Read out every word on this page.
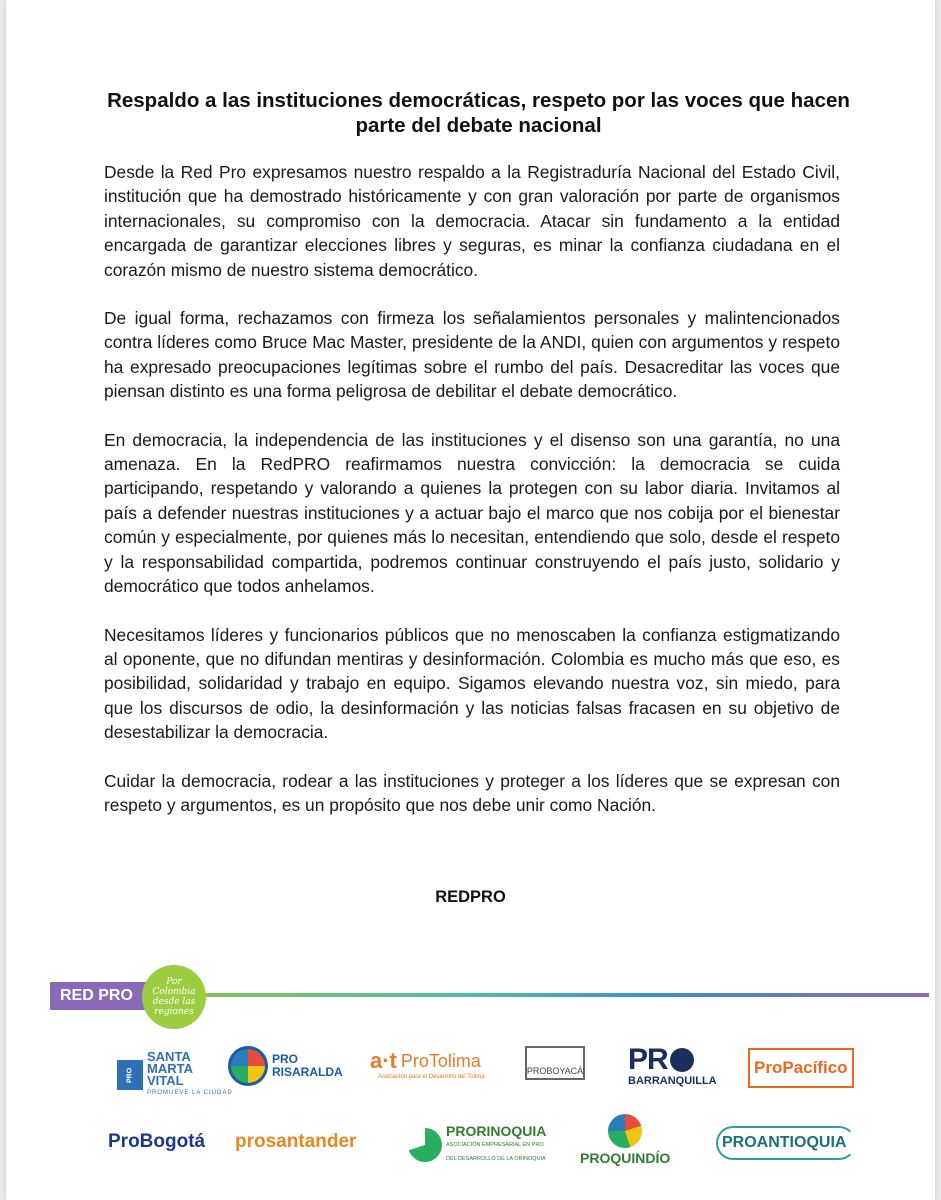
Respaldo a las instituciones democráticas, respeto por las voces que hacen parte del debate nacional

Desde la Red Pro expresamos nuestro respaldo a la Registraduría Nacional del Estado Civil, institución que ha demostrado históricamente y con gran valoración por parte de organismos internacionales, su compromiso con la democracia. Atacar sin fundamento a la entidad encargada de garantizar elecciones libres y seguras, es minar la confianza ciudadana en el corazón mismo de nuestro sistema democrático.

De igual forma, rechazamos con firmeza los señalamientos personales y malintencionados contra líderes como Bruce Mac Master, presidente de la ANDI, quien con argumentos y respeto ha expresado preocupaciones legítimas sobre el rumbo del país. Desacreditar las voces que piensan distinto es una forma peligrosa de debilitar el debate democrático.

En democracia, la independencia de las instituciones y el disenso son una garantía, no una amenaza. En la RedPRO reafirmamos nuestra convicción: la democracia se cuida participando, respetando y valorando a quienes la protegen con su labor diaria. Invitamos al país a defender nuestras instituciones y a actuar bajo el marco que nos cobija por el bienestar común y especialmente, por quienes más lo necesitan, entendiendo que solo, desde el respeto y la responsabilidad compartida, podremos continuar construyendo el país justo, solidario y democrático que todos anhelamos.

Necesitamos líderes y funcionarios públicos que no menoscaben la confianza estigmatizando al oponente, que no difundan mentiras y desinformación. Colombia es mucho más que eso, es posibilidad, solidaridad y trabajo en equipo. Sigamos elevando nuestra voz, sin miedo, para que los discursos de odio, la desinformación y las noticias falsas fracasen en su objetivo de desestabilizar la democracia.

Cuidar la democracia, rodear a las instituciones y proteger a los líderes que se expresan con respeto y argumentos, es un propósito que nos debe unir como Nación.

REDPRO
RED PRO
Por Colombia desde las regiones
PRO
SANTA
MARTA
VITAL
PROMUEVE LA CIUDAD
PRO
RISARALDA a·t ProTolima
Asociación para el Desarrollo del Tolima
PROBOYACÁ PR
BARRANQUILLA
ProPacífico
ProBogotá prosantander	PRORINOQUIA
ASOCIACIÓN EMPRESARIAL EN PRO
DEL DESARROLLO DE LA ORINOQUIA PROQUINDÍO
PROANTIOQUIA
